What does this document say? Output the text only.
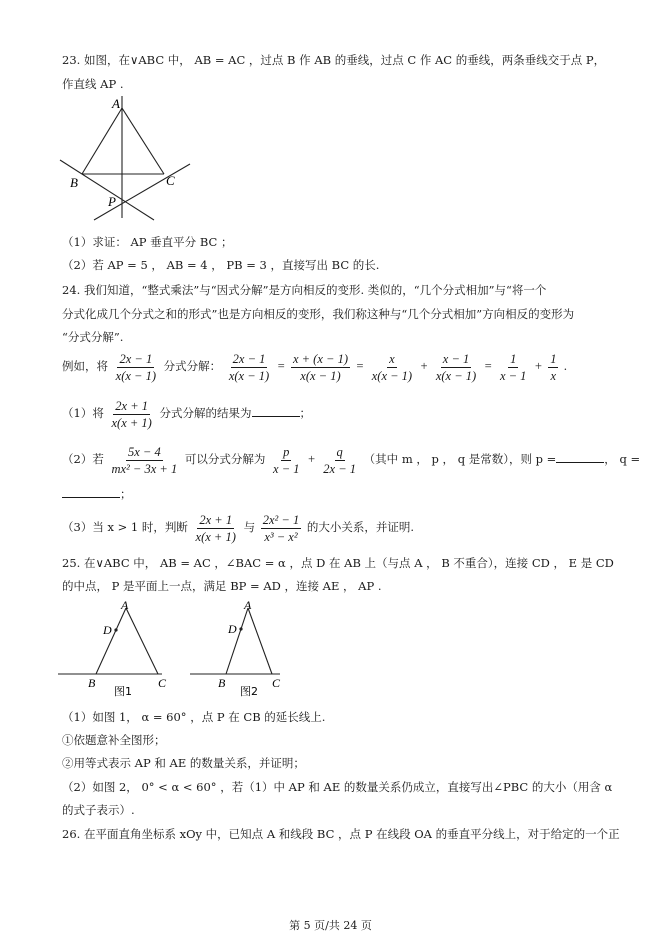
23. 如图，在∨ABC 中， AB = AC ，过点 B 作 AB 的垂线，过点 C 作 AC 的垂线，两条垂线交于点 P，
作直线 AP .
A
B	C
P
（1）求证： AP 垂直平分 BC ；
（2）若 AP = 5 ， AB = 4 ， PB = 3 ，直接写出 BC 的长.
24. 我们知道，“整式乘法”与“因式分解”是方向相反的变形. 类似的，“几个分式相加”与“将一个
分式化成几个分式之和的形式”也是方向相反的变形，我们称这种与“几个分式相加”方向相反的变形为
“分式分解”.
例如，将 $\frac{2x - 1}{x(x - 1)}$ 分式分解： $\frac{2x - 1}{x(x - 1)} = \frac{x + (x - 1)}{x(x - 1)} = \frac{x}{x(x - 1)} + \frac{x - 1}{x(x - 1)} = \frac{1}{x - 1} + \frac{1}{x}$ .
（1）将 $\frac{2x + 1}{x(x + 1)}$ 分式分解的结果为	；
（2）若 $\frac{5x - 4}{\text{mx² − 3x + 1}}$ 可以分式分解为 $\frac{p}{x - 1} + \frac{q}{2x - 1}$ （其中 m ， p ， q 是常数），则 p =	， q =
；
（3）当 x > 1 时，判断 $\frac{2x + 1}{x(x + 1)}$ 与 $\frac{\text{2x² − 1}}{\text{x³ − x²}}$ 的大小关系，并证明.
25. 在∨ABC 中， AB = AC ，∠BAC = α ，点 D 在 AB 上（与点 A ， B 不重合），连接 CD ， E 是 CD
的中点， P 是平面上一点，满足 BP = AD ，连接 AE ， AP .
A
D
B	C
图1
A
D
B	C
图2
（1）如图 1， α = 60° ，点 P 在 CB 的延长线上.
①依题意补全图形；
②用等式表示 AP 和 AE 的数量关系，并证明；
（2）如图 2， 0° < α < 60° ，若（1）中 AP 和 AE 的数量关系仍成立，直接写出∠PBC 的大小（用含 α
的式子表示）.
26. 在平面直角坐标系 xOy 中，已知点 A 和线段 BC ，点 P 在线段 OA 的垂直平分线上，对于给定的一个正
第 5 页/共 24 页
